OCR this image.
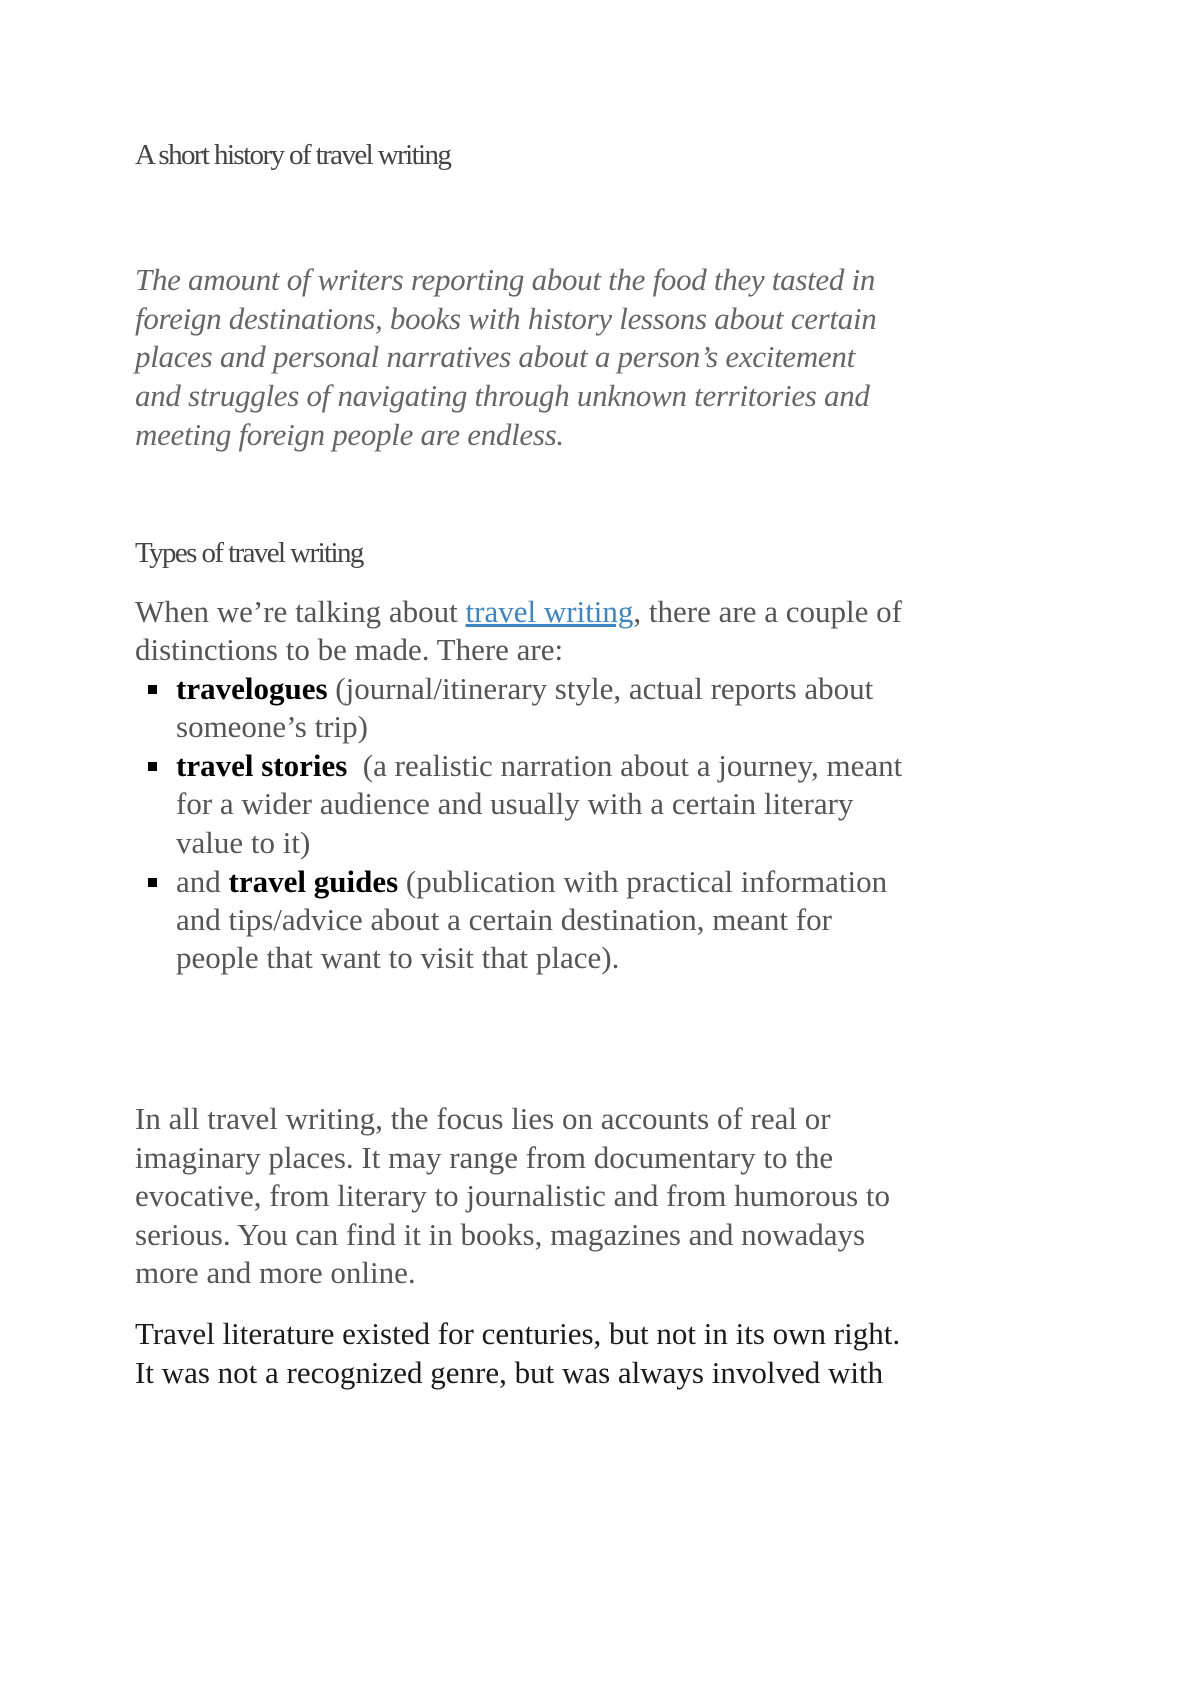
A short history of travel writing
The amount of writers reporting about the food they tasted in
foreign destinations, books with history lessons about certain
places and personal narratives about a person’s excitement
and struggles of navigating through unknown territories and
meeting foreign people are endless.
Types of travel writing
When we’re talking about travel writing, there are a couple of
distinctions to be made. There are:
travelogues (journal/itinerary style, actual reports about
someone’s trip)
travel stories  (a realistic narration about a journey, meant
for a wider audience and usually with a certain literary
value to it)
and travel guides (publication with practical information
and tips/advice about a certain destination, meant for
people that want to visit that place).
In all travel writing, the focus lies on accounts of real or
imaginary places. It may range from documentary to the
evocative, from literary to journalistic and from humorous to
serious. You can find it in books, magazines and nowadays
more and more online.
Travel literature existed for centuries, but not in its own right.
It was not a recognized genre, but was always involved with
